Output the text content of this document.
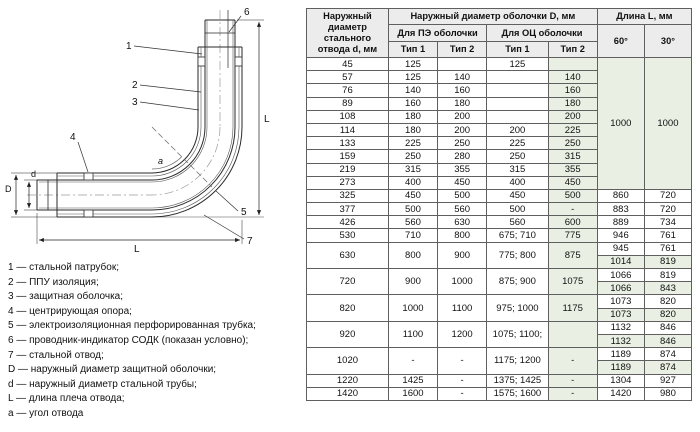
a
D
d
L
L
1
2
3
4
5
6
7
1 — стальной патрубок;
2 — ППУ изоляция;
3 — защитная оболочка;
4 — центрирующая опора;
5 — электроизоляционная перфорированная трубка;
6 — проводник-индикатор СОДК (показан условно);
7 — стальной отвод;
D — наружный диаметр защитной оболочки;
d — наружный диаметр стальной трубы;
L — длина плеча отвода;
a — угол отвода
Наружный диаметр стального отвода d, мм	Наружный диаметр оболочки D, мм				Длина L, мм	
	Для ПЭ оболочки		Для ОЦ оболочки		60°	30°
	Тип 1	Тип 2	Тип 1	Тип 2		
45	125		125		1000	1000
57	125	140		140		
76	140	160		160		
89	160	180		180		
108	180	200		200		
114	180	200	200	225		
133	225	250	225	250		
159	250	280	250	315		
219	315	355	315	355		
273	400	450	400	450		
325	450	500	450	500	860	720
377	500	560	500	-	883	720
426	560	630	560	600	889	734
530	710	800	675; 710	775	946	761
630	800	900	775; 800	875	945	761
					1014	819
720	900	1000	875; 900	1075	1066	819
					1066	843
820	1000	1100	975; 1000	1175	1073	820
					1073	820
920	1100	1200	1075; 1100;		1132	846
					1132	846
1020	-	-	1175; 1200	-	1189	874
					1189	874
1220	1425	-	1375; 1425	-	1304	927
1420	1600	-	1575; 1600	-	1420	980
